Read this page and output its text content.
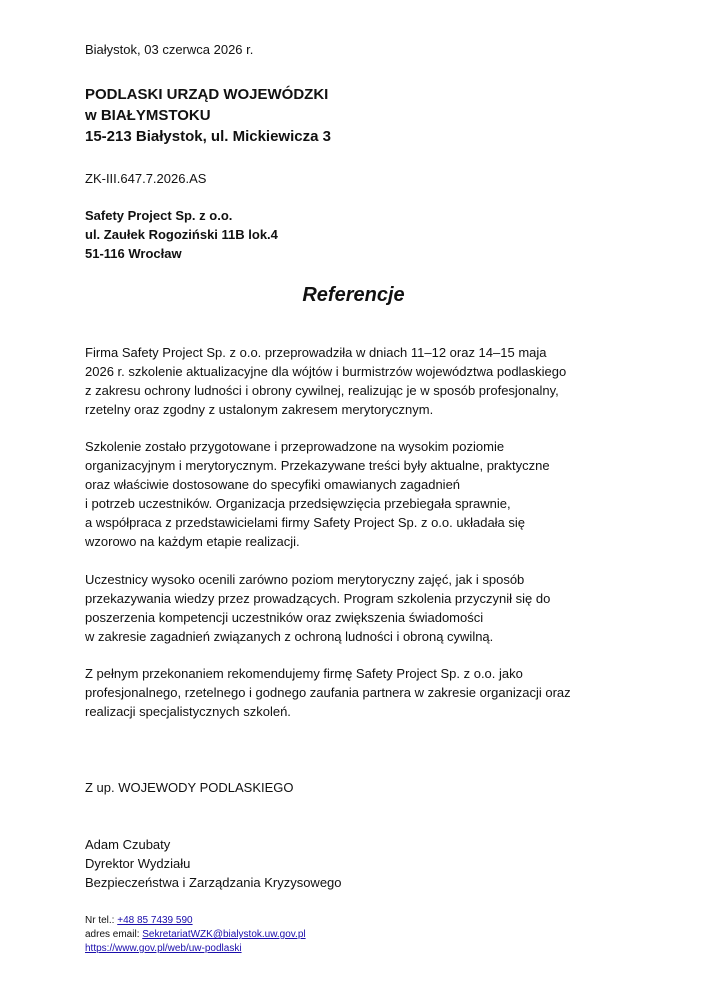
Białystok, 03 czerwca 2026 r.
PODLASKI URZĄD WOJEWÓDZKI
w BIAŁYMSTOKU
15-213 Białystok, ul. Mickiewicza 3
ZK-III.647.7.2026.AS
Safety Project Sp. z o.o.
ul. Zaułek Rogoziński 11B lok.4
51-116 Wrocław
Referencje
Firma Safety Project Sp. z o.o. przeprowadziła w dniach 11–12 oraz 14–15 maja
2026 r. szkolenie aktualizacyjne dla wójtów i burmistrzów województwa podlaskiego
z zakresu ochrony ludności i obrony cywilnej, realizując je w sposób profesjonalny,
rzetelny oraz zgodny z ustalonym zakresem merytorycznym.
Szkolenie zostało przygotowane i przeprowadzone na wysokim poziomie
organizacyjnym i merytorycznym. Przekazywane treści były aktualne, praktyczne
oraz właściwie dostosowane do specyfiki omawianych zagadnień
i potrzeb uczestników. Organizacja przedsięwzięcia przebiegała sprawnie,
a współpraca z przedstawicielami firmy Safety Project Sp. z o.o. układała się
wzorowo na każdym etapie realizacji.
Uczestnicy wysoko ocenili zarówno poziom merytoryczny zajęć, jak i sposób
przekazywania wiedzy przez prowadzących. Program szkolenia przyczynił się do
poszerzenia kompetencji uczestników oraz zwiększenia świadomości
w zakresie zagadnień związanych z ochroną ludności i obroną cywilną.
Z pełnym przekonaniem rekomendujemy firmę Safety Project Sp. z o.o. jako
profesjonalnego, rzetelnego i godnego zaufania partnera w zakresie organizacji oraz
realizacji specjalistycznych szkoleń.
Z up. WOJEWODY PODLASKIEGO
Adam Czubaty
Dyrektor Wydziału
Bezpieczeństwa i Zarządzania Kryzysowego
Nr tel.: +48 85 7439 590
adres email: SekretariatWZK@bialystok.uw.gov.pl
https://www.gov.pl/web/uw-podlaski
